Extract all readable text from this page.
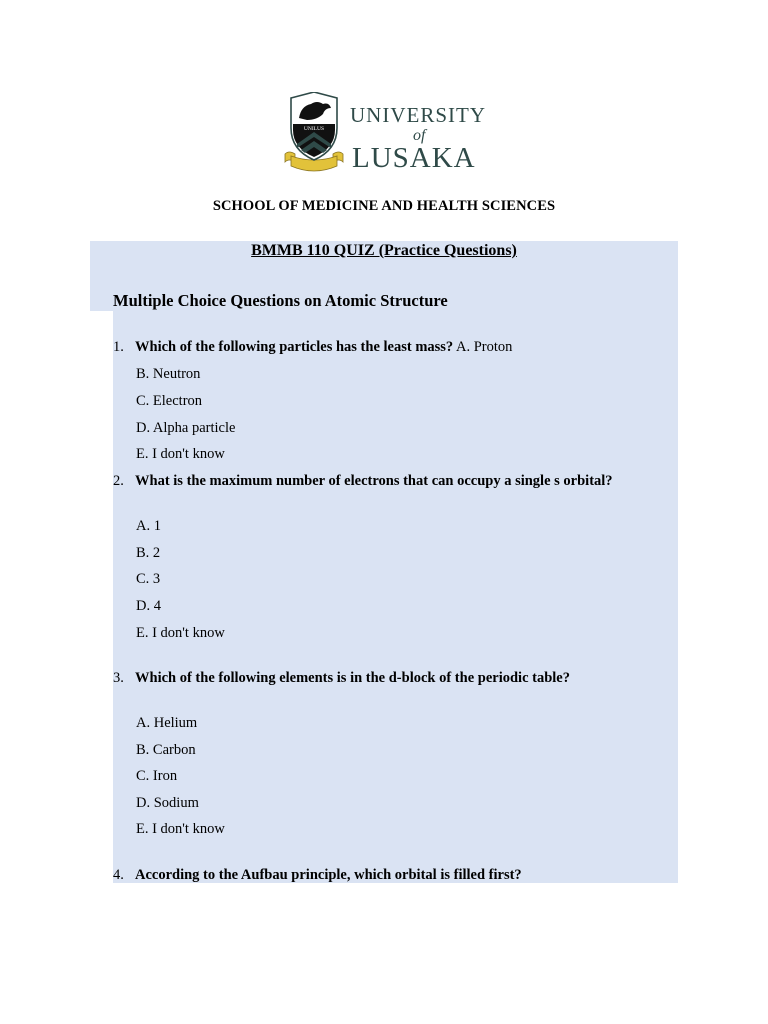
UNILUS
UNIVERSITY
of
LUSAKA
SCHOOL OF MEDICINE AND HEALTH SCIENCES
BMMB 110 QUIZ (Practice Questions)
Multiple Choice Questions on Atomic Structure
1. Which of the following particles has the least mass? A. Proton
B. Neutron
C. Electron
D. Alpha particle
E. I don't know
2. What is the maximum number of electrons that can occupy a single s orbital?
A. 1
B. 2
C. 3
D. 4
E. I don't know
3. Which of the following elements is in the d-block of the periodic table?
A. Helium
B. Carbon
C. Iron
D. Sodium
E. I don't know
4. According to the Aufbau principle, which orbital is filled first?
